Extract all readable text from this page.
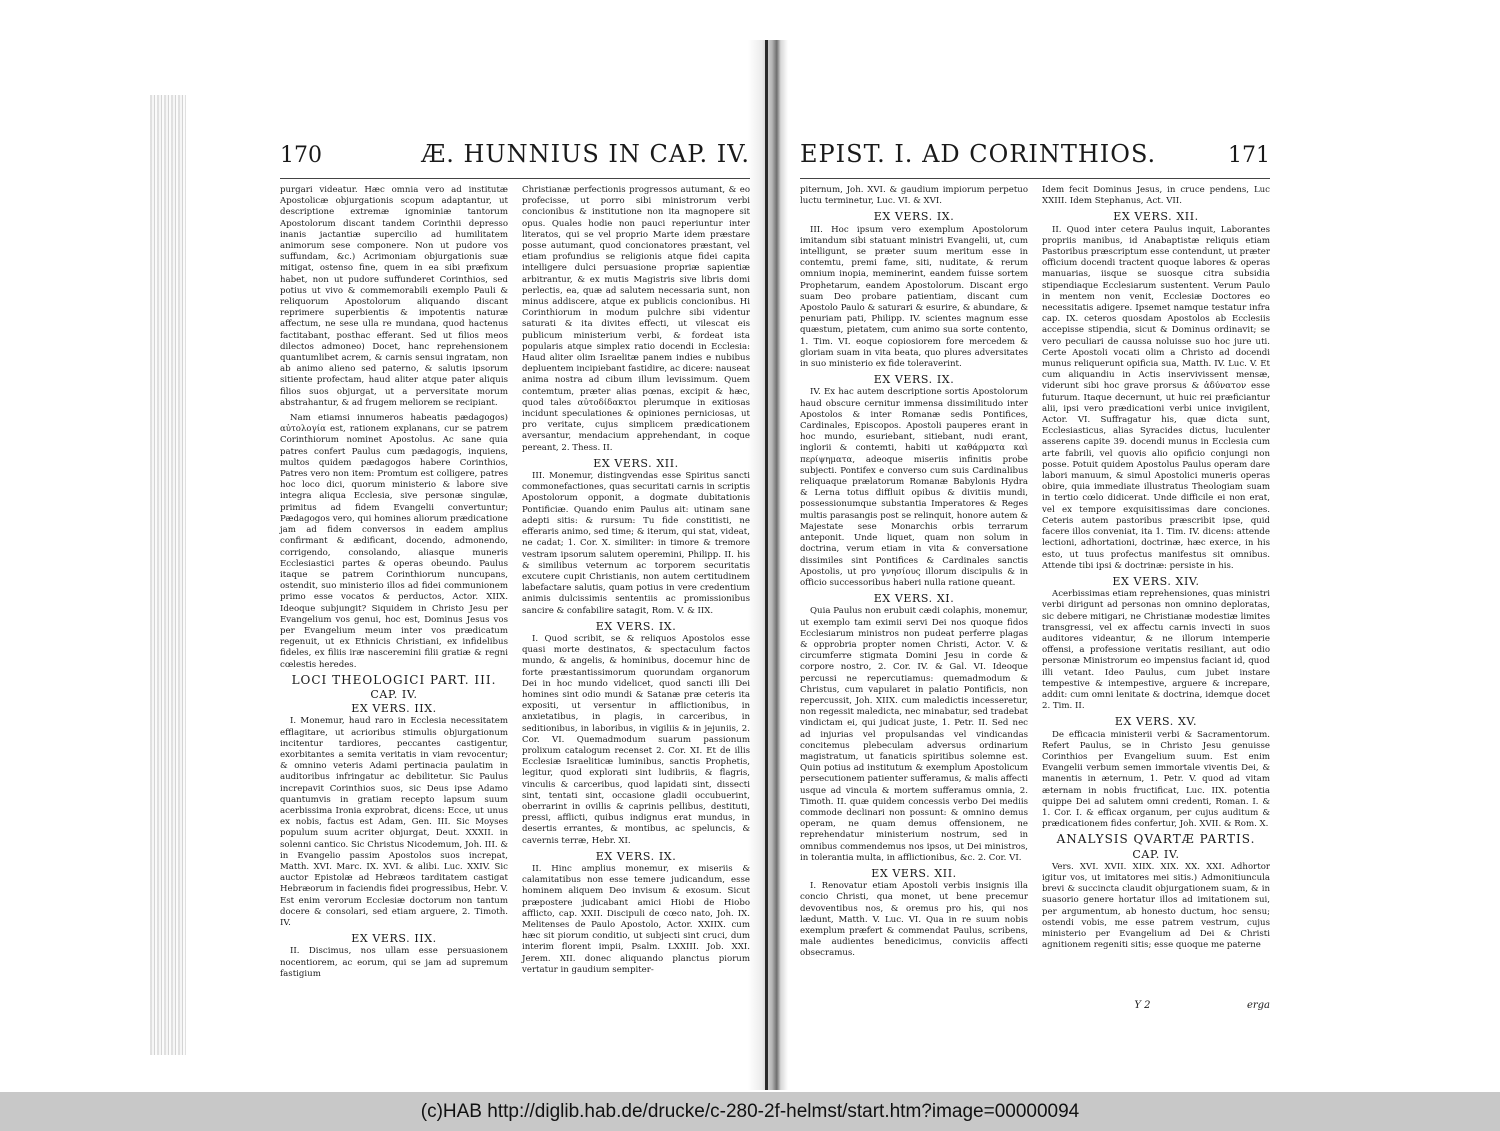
170	Æ. HUNNIUS IN CAP. IV.

purgari videatur. Hæc omnia vero ad institutæ Apostolicæ objurgationis scopum adaptantur, ut descriptione extremæ ignominiæ tantorum Apostolorum discant tandem Corinthii depresso inanis jactantiæ supercilio ad humilitatem animorum sese componere. Non ut pudore vos suffundam, &c.) Acrimoniam objurgationis suæ mitigat, ostenso fine, quem in ea sibi præfixum habet, non ut pudore suffunderet Corinthios, sed potius ut vivo & commemorabili exemplo Pauli & reliquorum Apostolorum aliquando discant reprimere superbientis & impotentis naturæ affectum, ne sese ulla re mundana, quod hactenus factitabant, posthac efferant. Sed ut filios meos dilectos admoneo) Docet, hanc reprehensionem quantumlibet acrem, & carnis sensui ingratam, non ab animo alieno sed paterno, & salutis ipsorum sitiente profectam, haud aliter atque pater aliquis filios suos objurgat, ut a perversitate morum abstrahantur, & ad frugem meliorem se recipiant.

Nam etiamsi innumeros habeatis pædagogos) αὐτολογία est, rationem explanans, cur se patrem Corinthiorum nominet Apostolus. Ac sane quia patres confert Paulus cum pædagogis, inquiens, multos quidem pædagogos habere Corinthios, Patres vero non item: Promtum est colligere, patres hoc loco dici, quorum ministerio & labore sive integra aliqua Ecclesia, sive personæ singulæ, primitus ad fidem Evangelii convertuntur; Pædagogos vero, qui homines aliorum prædicatione jam ad fidem conversos in eadem amplius confirmant & ædificant, docendo, admonendo, corrigendo, consolando, aliasque muneris Ecclesiastici partes & operas obeundo. Paulus itaque se patrem Corinthiorum nuncupans, ostendit, suo ministerio illos ad fidei communionem primo esse vocatos & perductos, Actor. XIIX. Ideoque subjungit? Siquidem in Christo Jesu per Evangelium vos genui, hoc est, Dominus Jesus vos per Evangelium meum inter vos prædicatum regenuit, ut ex Ethnicis Christiani, ex infidelibus fideles, ex filiis iræ nasceremini filii gratiæ & regni cœlestis heredes.

LOCI THEOLOGICI PART. III.

CAP. IV.

EX VERS. IIX.

I. Monemur, haud raro in Ecclesia necessitatem efflagitare, ut acrioribus stimulis objurgationum incitentur tardiores, peccantes castigentur, exorbitantes a semita veritatis in viam revocentur; & omnino veteris Adami pertinacia paulatim in auditoribus infringatur ac debilitetur. Sic Paulus increpavit Corinthios suos, sic Deus ipse Adamo quantumvis in gratiam recepto lapsum suum acerbissima Ironia exprobrat, dicens: Ecce, ut unus ex nobis, factus est Adam, Gen. III. Sic Moyses populum suum acriter objurgat, Deut. XXXII. in solenni cantico. Sic Christus Nicodemum, Joh. III. & in Evangelio passim Apostolos suos increpat, Matth. XVI. Marc. IX. XVI. & alibi. Luc. XXIV. Sic auctor Epistolæ ad Hebræos tarditatem castigat Hebræorum in faciendis fidei progressibus, Hebr. V. Est enim verorum Ecclesiæ doctorum non tantum docere & consolari, sed etiam arguere, 2. Timoth. IV.

EX VERS. IIX.

II. Discimus, nos ullam esse persuasionem nocentiorem, ac eorum, qui se jam ad supremum fastigium

Christianæ perfectionis progressos autumant, & eo profecisse, ut porro sibi ministrorum verbi concionibus & institutione non ita magnopere sit opus. Quales hodie non pauci reperiuntur inter literatos, qui se vel proprio Marte idem præstare posse autumant, quod concionatores præstant, vel etiam profundius se religionis atque fidei capita intelligere dulci persuasione propriæ sapientiæ arbitrantur, & ex mutis Magistris sive libris domi perlectis, ea, quæ ad salutem necessaria sunt, non minus addiscere, atque ex publicis concionibus. Hi Corinthiorum in modum pulchre sibi videntur saturati & ita divites effecti, ut vilescat eis publicum ministerium verbi, & fordeat ista popularis atque simplex ratio docendi in Ecclesia: Haud aliter olim Israelitæ panem indies e nubibus depluentem incipiebant fastidire, ac dicere: nauseat anima nostra ad cibum illum levissimum. Quem contemtum, præter alias pœnas, excipit & hæc, quod tales αὐτοδίδακτοι plerumque in exitiosas incidunt speculationes & opiniones perniciosas, ut pro veritate, cujus simplicem prædicationem aversantur, mendacium apprehendant, in coque pereant, 2. Thess. II.

EX VERS. XII.

III. Monemur, distingvendas esse Spiritus sancti commonefactiones, quas securitati carnis in scriptis Apostolorum opponit, a dogmate dubitationis Pontificiæ. Quando enim Paulus ait: utinam sane adepti sitis: & rursum: Tu fide constitisti, ne efferaris animo, sed time; & iterum, qui stat, videat, ne cadat; 1. Cor. X. similiter: in timore & tremore vestram ipsorum salutem operemini, Philipp. II. his & similibus veternum ac torporem securitatis excutere cupit Christianis, non autem certitudinem labefactare salutis, quam potius in vere credentium animis dulcissimis sententiis ac promissionibus sancire & confabilire satagit, Rom. V. & IIX.

EX VERS. IX.

I. Quod scribit, se & reliquos Apostolos esse quasi morte destinatos, & spectaculum factos mundo, & angelis, & hominibus, docemur hinc de forte præstantissimorum quorundam organorum Dei in hoc mundo videlicet, quod sancti illi Dei homines sint odio mundi & Satanæ præ ceteris ita expositi, ut versentur in afflictionibus, in anxietatibus, in plagis, in carceribus, in seditionibus, in laboribus, in vigiliis & in jejuniis, 2. Cor. VI. Quemadmodum suarum passionum prolixum catalogum recenset 2. Cor. XI. Et de illis Ecclesiæ Israeliticæ luminibus, sanctis Prophetis, legitur, quod explorati sint ludibriis, & flagris, vinculis & carceribus, quod lapidati sint, dissecti sint, tentati sint, occasione gladii occubuerint, oberrarint in ovillis & caprinis pellibus, destituti, pressi, afflicti, quibus indignus erat mundus, in desertis errantes, & montibus, ac speluncis, & cavernis terræ, Hebr. XI.

EX VERS. IX.

II. Hinc amplius monemur, ex miseriis & calamitatibus non esse temere judicandum, esse hominem aliquem Deo invisum & exosum. Sicut præpostere judicabant amici Hiobi de Hiobo afflicto, cap. XXII. Discipuli de cœco nato, Joh. IX. Melitenses de Paulo Apostolo, Actor. XXIIX. cum hæc sit piorum conditio, ut subjecti sint cruci, dum interim florent impii, Psalm. LXXIII. Job. XXI. Jerem. XII. donec aliquando planctus piorum vertatur in gaudium sempiter-

EPIST. I. AD CORINTHIOS.	171

piternum, Joh. XVI. & gaudium impiorum perpetuo luctu terminetur, Luc. VI. & XVI.

EX VERS. IX.

III. Hoc ipsum vero exemplum Apostolorum imitandum sibi statuant ministri Evangelii, ut, cum intelligunt, se præter suum meritum esse in contemtu, premi fame, siti, nuditate, & rerum omnium inopia, meminerint, eandem fuisse sortem Prophetarum, eandem Apostolorum. Discant ergo suam Deo probare patientiam, discant cum Apostolo Paulo & saturari & esurire, & abundare, & penuriam pati, Philipp. IV. scientes magnum esse quæstum, pietatem, cum animo sua sorte contento, 1. Tim. VI. eoque copiosiorem fore mercedem & gloriam suam in vita beata, quo plures adversitates in suo ministerio ex fide toleraverint.

EX VERS. IX.

IV. Ex hac autem descriptione sortis Apostolorum haud obscure cernitur immensa dissimilitudo inter Apostolos & inter Romanæ sedis Pontifices, Cardinales, Episcopos. Apostoli pauperes erant in hoc mundo, esuriebant, sitiebant, nudi erant, inglorii & contemti, habiti ut καθάρματα καὶ περίψηματα, adeoque miseriis infinitis probe subjecti. Pontifex e converso cum suis Cardinalibus reliquaque prælatorum Romanæ Babylonis Hydra & Lerna totus diffluit opibus & divitiis mundi, possessionumque substantia Imperatores & Reges multis parasangis post se relinquit, honore autem & Majestate sese Monarchis orbis terrarum anteponit. Unde liquet, quam non solum in doctrina, verum etiam in vita & conversatione dissimiles sint Pontifices & Cardinales sanctis Apostolis, ut pro γνησίους illorum discipulis & in officio successoribus haberi nulla ratione queant.

EX VERS. XI.

Quia Paulus non erubuit cædi colaphis, monemur, ut exemplo tam eximii servi Dei nos quoque fidos Ecclesiarum ministros non pudeat perferre plagas & opprobria propter nomen Christi, Actor. V. & circumferre stigmata Domini Jesu in corde & corpore nostro, 2. Cor. IV. & Gal. VI. Ideoque percussi ne repercutiamus: quemadmodum & Christus, cum vapularet in palatio Pontificis, non repercussit, Joh. XIIX. cum maledictis incesseretur, non regessit maledicta, nec minabatur, sed tradebat vindictam ei, qui judicat juste, 1. Petr. II. Sed nec ad injurias vel propulsandas vel vindicandas concitemus plebeculam adversus ordinarium magistratum, ut fanaticis spiritibus solemne est. Quin potius ad institutum & exemplum Apostolicum persecutionem patienter sufferamus, & malis affecti usque ad vincula & mortem sufferamus omnia, 2. Timoth. II. quæ quidem concessis verbo Dei mediis commode declinari non possunt: & omnino demus operam, ne quam demus offensionem, ne reprehendatur ministerium nostrum, sed in omnibus commendemus nos ipsos, ut Dei ministros, in tolerantia multa, in afflictionibus, &c. 2. Cor. VI.

EX VERS. XII.

I. Renovatur etiam Apostoli verbis insignis illa concio Christi, qua monet, ut bene precemur devoventibus nos, & oremus pro his, qui nos lædunt, Matth. V. Luc. VI. Qua in re suum nobis exemplum præfert & commendat Paulus, scribens, male audientes benedicimus, conviciis affecti obsecramus.

Idem fecit Dominus Jesus, in cruce pendens, Luc XXIII. Idem Stephanus, Act. VII.

EX VERS. XII.

II. Quod inter cetera Paulus inquit, Laborantes propriis manibus, id Anabaptistæ reliquis etiam Pastoribus præscriptum esse contendunt, ut præter officium docendi tractent quoque labores & operas manuarias, iisque se suosque citra subsidia stipendiaque Ecclesiarum sustentent. Verum Paulo in mentem non venit, Ecclesiæ Doctores eo necessitatis adigere. Ipsemet namque testatur infra cap. IX. ceteros quosdam Apostolos ab Ecclesiis accepisse stipendia, sicut & Dominus ordinavit; se vero peculiari de caussa noluisse suo hoc jure uti. Certe Apostoli vocati olim a Christo ad docendi munus reliquerunt opificia sua, Matth. IV. Luc. V. Et cum aliquandiu in Actis inservivissent mensæ, viderunt sibi hoc grave prorsus & ἀδύνατον esse futurum. Itaque decernunt, ut huic rei præficiantur alii, ipsi vero prædicationi verbi unice invigilent, Actor. VI. Suffragatur his, quæ dicta sunt, Ecclesiasticus, alias Syracides dictus, luculenter asserens capite 39. docendi munus in Ecclesia cum arte fabrili, vel quovis alio opificio conjungi non posse. Potuit quidem Apostolus Paulus operam dare labori manuum, & simul Apostolici muneris operas obire, quia immediate illustratus Theologiam suam in tertio cœlo didicerat. Unde difficile ei non erat, vel ex tempore exquisitissimas dare conciones. Ceteris autem pastoribus præscribit ipse, quid facere illos conveniat, ita 1. Tim. IV. dicens: attende lectioni, adhortationi, doctrinæ, hæc exerce, in his esto, ut tuus profectus manifestus sit omnibus. Attende tibi ipsi & doctrinæ: persiste in his.

EX VERS. XIV.

Acerbissimas etiam reprehensiones, quas ministri verbi dirigunt ad personas non omnino deploratas, sic debere mitigari, ne Christianæ modestiæ limites transgressi, vel ex affectu carnis invecti in suos auditores videantur, & ne illorum intemperie offensi, a professione veritatis resiliant, aut odio personæ Ministrorum eo impensius faciant id, quod illi vetant. Ideo Paulus, cum jubet instare tempestive & intempestive, arguere & increpare, addit: cum omni lenitate & doctrina, idemque docet 2. Tim. II.

EX VERS. XV.

De efficacia ministerii verbi & Sacramentorum. Refert Paulus, se in Christo Jesu genuisse Corinthios per Evangelium suum. Est enim Evangelii verbum semen immortale viventis Dei, & manentis in æternum, 1. Petr. V. quod ad vitam æternam in nobis fructificat, Luc. IIX. potentia quippe Dei ad salutem omni credenti, Roman. I. & 1. Cor. I. & efficax organum, per cujus auditum & prædicationem fides confertur, Joh. XVII. & Rom. X.

ANALYSIS QVARTÆ PARTIS.

CAP. IV.

Vers. XVI. XVII. XIIX. XIX. XX. XXI. Adhortor igitur vos, ut imitatores mei sitis.) Admonitiuncula brevi & succincta claudit objurgationem suam, & in suasorio genere hortatur illos ad imitationem sui, per argumentum, ab honesto ductum, hoc sensu; ostendi vobis, me esse patrem vestrum, cujus ministerio per Evangelium ad Dei & Christi agnitionem regeniti sitis; esse quoque me paterne

Y 2	erga
(c)HAB http://diglib.hab.de/drucke/c-280-2f-helmst/start.htm?image=00000094
